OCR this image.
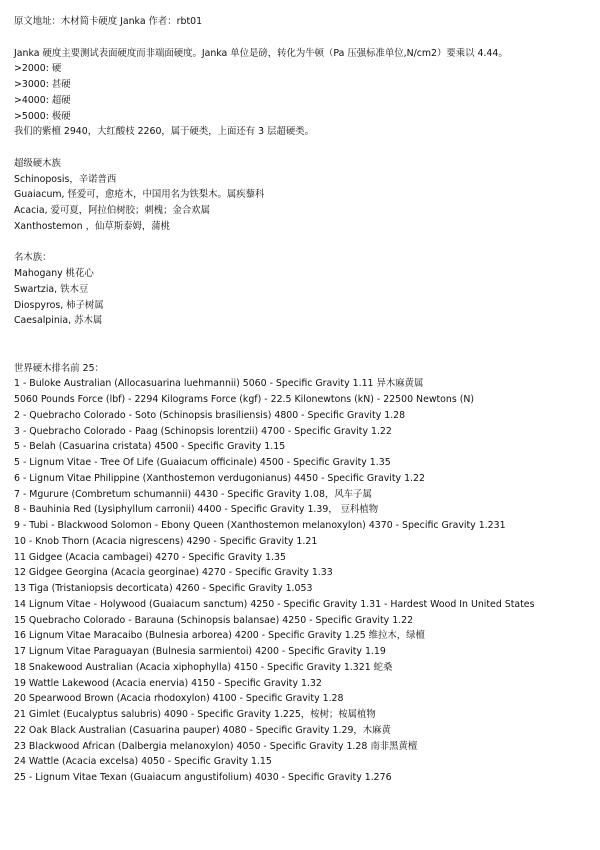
原文地址：木材简卡硬度 Janka 作者：rbt01
Janka 硬度主要测试表面硬度而非端面硬度。Janka 单位是磅，转化为牛顿（Pa 压强标准单位,N/cm2）要乘以 4.44。
>2000: 硬
>3000: 甚硬
>4000: 超硬
>5000: 极硬
我们的紫檀 2940，大红酸枝 2260，属于硬类，上面还有 3 层超硬类。
超级硬木族
Schinoposis，辛诺普西
Guaiacum, 怪爱可，愈疮木，中国用名为铁梨木。属疾藜科
Acacia, 爱可夏，阿拉伯树胶；刺槐；金合欢属
Xanthostemon ，仙草斯泰姆，蒲桃
名木族：
Mahogany 桃花心
Swartzia, 铁木豆
Diospyros, 柿子树属
Caesalpinia, 苏木属
世界硬木排名前 25：
1 - Buloke Australian (Allocasuarina luehmannii) 5060 - Specific Gravity 1.11 异木麻黄属
5060 Pounds Force (lbf) - 2294 Kilograms Force (kgf) - 22.5 Kilonewtons (kN) - 22500 Newtons (N)
2 - Quebracho Colorado - Soto (Schinopsis brasiliensis) 4800 - Specific Gravity 1.28
3 - Quebracho Colorado - Paag (Schinopsis lorentzii) 4700 - Specific Gravity 1.22
5 - Belah (Casuarina cristata) 4500 - Specific Gravity 1.15
5 - Lignum Vitae - Tree Of Life (Guaiacum officinale) 4500 - Specific Gravity 1.35
6 - Lignum Vitae Philippine (Xanthostemon verdugonianus) 4450 - Specific Gravity 1.22
7 - Mgurure (Combretum schumannii) 4430 - Specific Gravity 1.08，风车子属
8 - Bauhinia Red (Lysiphyllum carronii) 4400 - Specific Gravity 1.39， 豆科植物
9 - Tubi - Blackwood Solomon - Ebony Queen (Xanthostemon melanoxylon) 4370 - Specific Gravity 1.231
10 - Knob Thorn (Acacia nigrescens) 4290 - Specific Gravity 1.21
11 Gidgee (Acacia cambagei) 4270 - Specific Gravity 1.35
12 Gidgee Georgina (Acacia georginae) 4270 - Specific Gravity 1.33
13 Tiga (Tristaniopsis decorticata) 4260 - Specific Gravity 1.053
14 Lignum Vitae - Holywood (Guaiacum sanctum) 4250 - Specific Gravity 1.31 - Hardest Wood In United States
15 Quebracho Colorado - Barauna (Schinopsis balansae) 4250 - Specific Gravity 1.22
16 Lignum Vitae Maracaibo (Bulnesia arborea) 4200 - Specific Gravity 1.25 维拉木，绿檀
17 Lignum Vitae Paraguayan (Bulnesia sarmientoi) 4200 - Specific Gravity 1.19
18 Snakewood Australian (Acacia xiphophylla) 4150 - Specific Gravity 1.321 蛇桑
19 Wattle Lakewood (Acacia enervia) 4150 - Specific Gravity 1.32
20 Spearwood Brown (Acacia rhodoxylon) 4100 - Specific Gravity 1.28
21 Gimlet (Eucalyptus salubris) 4090 - Specific Gravity 1.225，桉树；桉属植物
22 Oak Black Australian (Casuarina pauper) 4080 - Specific Gravity 1.29，木麻黄
23 Blackwood African (Dalbergia melanoxylon) 4050 - Specific Gravity 1.28 南非黑黄檀
24 Wattle (Acacia excelsa) 4050 - Specific Gravity 1.15
25 - Lignum Vitae Texan (Guaiacum angustifolium) 4030 - Specific Gravity 1.276
